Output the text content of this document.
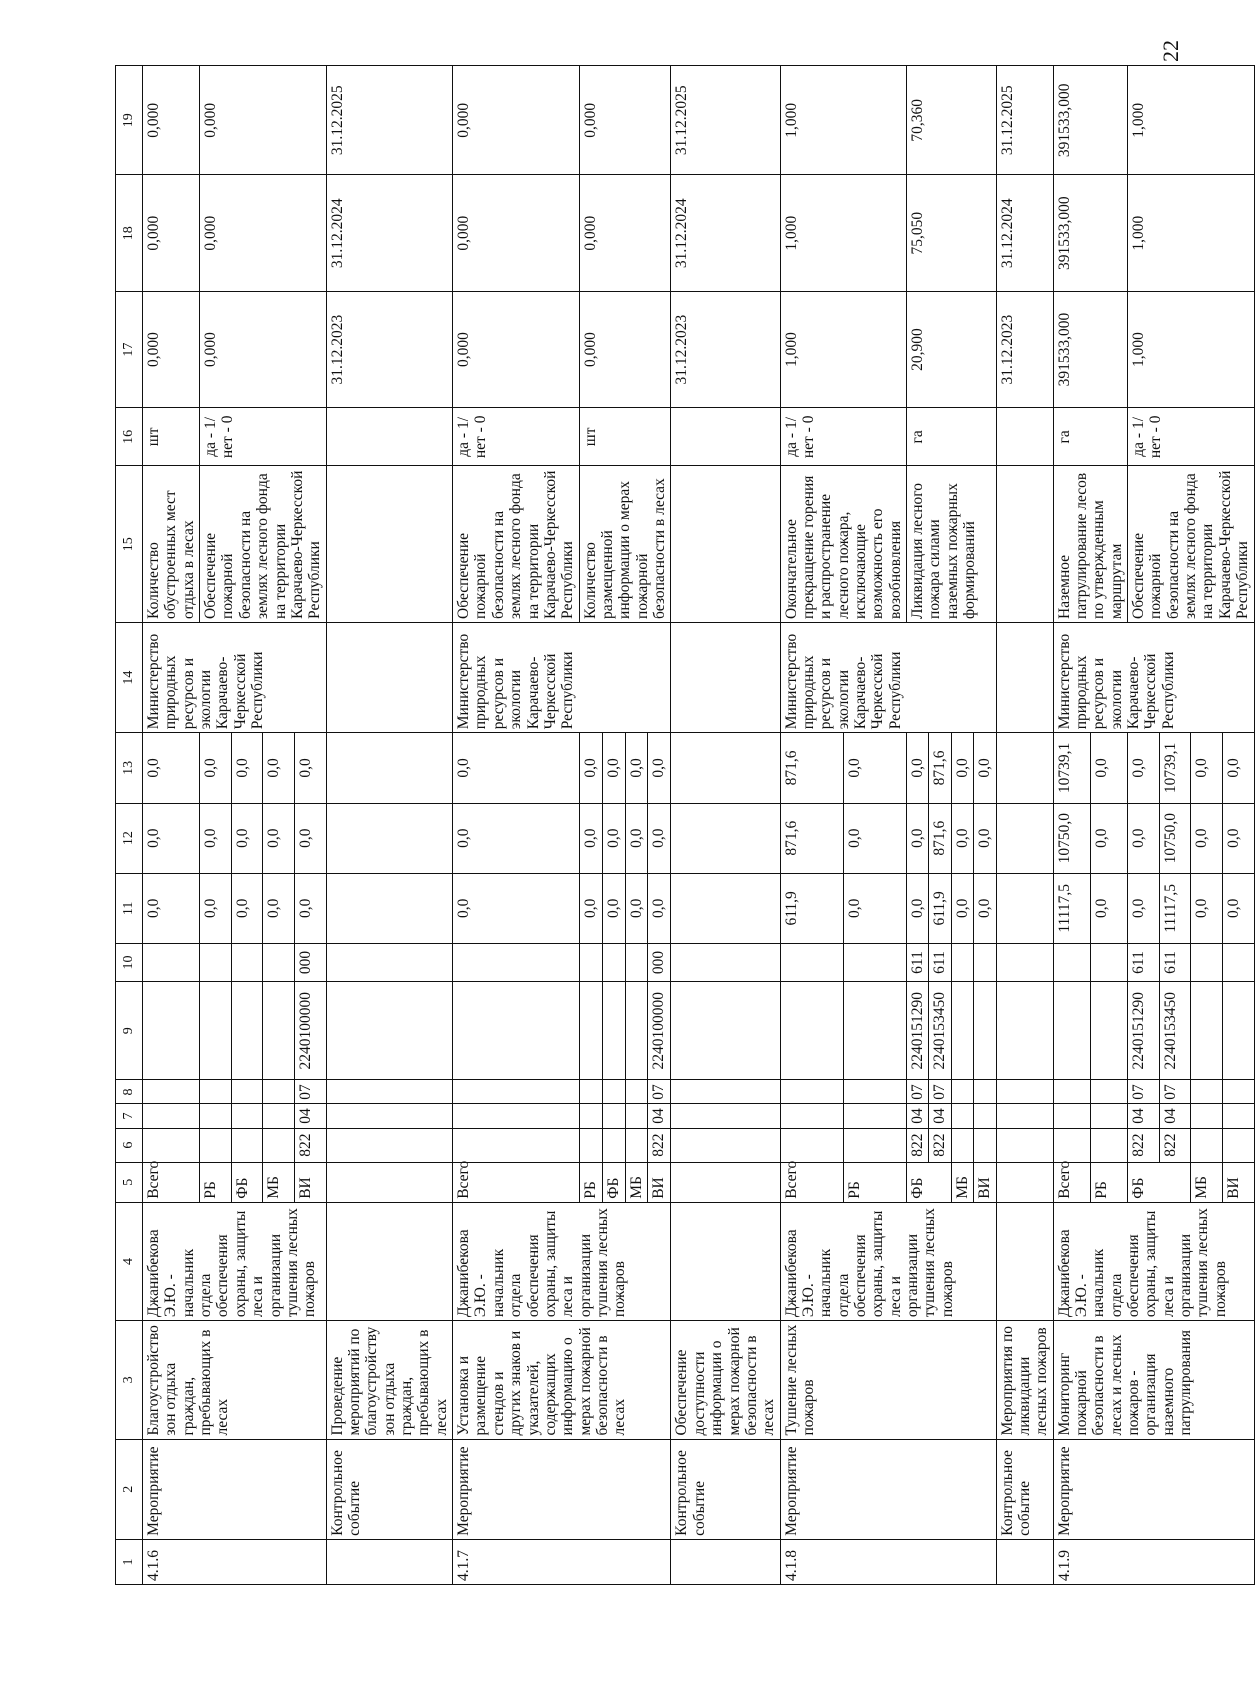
22
1	2	3	4	5	6	7	8	9	10	11	12	13	14	15	16	17	18	19
4.1.6	Мероприятие	Благоустройство зон отдыха граждан, пребывающих в лесах	Джанибекова Э.Ю. - начальник отдела обеспечения охраны, защиты леса и организации тушения лесных пожаров	Всего						0,0	0,0	0,0	Министерство природных ресурсов и экологии Карачаево-Черкесской Республики	Количество обустроенных мест отдыха в лесах	шт	0,000	0,000	0,000
				РБ						0,0	0,0	0,0		Обеспечение пожарной безопасности на землях лесного фонда на территории Карачаево-Черкесской Республики	да - 1/ нет - 0	0,000	0,000	0,000
				ФБ						0,0	0,0	0,0						
				МБ						0,0	0,0	0,0						
				ВИ	822	04	07	2240100000	000	0,0	0,0	0,0						
	Контрольное событие	Проведение мероприятий по благоустройству зон отдыха граждан, пребывающих в лесах														31.12.2023	31.12.2024	31.12.2025
4.1.7	Мероприятие	Установка и размещение стендов и других знаков и указателей, содержащих информацию о мерах пожарной безопасности в лесах	Джанибекова Э.Ю. - начальник отдела обеспечения охраны, защиты леса и организации тушения лесных пожаров	Всего						0,0	0,0	0,0	Министерство природных ресурсов и экологии Карачаево-Черкесской Республики	Обеспечение пожарной безопасности на землях лесного фонда на территории Карачаево-Черкесской Республики	да - 1/ нет - 0	0,000	0,000	0,000
				РБ						0,0	0,0	0,0		Количество размещенной информации о мерах пожарной безопасности в лесах	шт	0,000	0,000	0,000
				ФБ						0,0	0,0	0,0						
				МБ						0,0	0,0	0,0						
				ВИ	822	04	07	2240100000	000	0,0	0,0	0,0						
	Контрольное событие	Обеспечение доступности информации о мерах пожарной безопасности в лесах														31.12.2023	31.12.2024	31.12.2025
4.1.8	Мероприятие	Тушение лесных пожаров	Джанибекова Э.Ю. - начальник отдела обеспечения охраны, защиты леса и организации тушения лесных пожаров	Всего						611,9	871,6	871,6	Министерство природных ресурсов и экологии Карачаево-Черкесской Республики	Окончательное прекращение горения и распространение лесного пожара, исключающие возможность его возобновления	да - 1/ нет - 0	1,000	1,000	1,000
				РБ						0,0	0,0	0,0						
				ФБ	822	04	07	2240151290	611	0,0	0,0	0,0		Ликвидация лесного пожара силами наземных пожарных формирований	га	20,900	75,050	70,360
					822	04	07	2240153450	611	611,9	871,6	871,6						
				МБ						0,0	0,0	0,0						
				ВИ						0,0	0,0	0,0						
	Контрольное событие	Мероприятия по ликвидации лесных пожаров														31.12.2023	31.12.2024	31.12.2025
4.1.9	Мероприятие	Мониторинг пожарной безопасности в лесах и лесных пожаров - организация наземного патрулирования	Джанибекова Э.Ю. - начальник отдела обеспечения охраны, защиты леса и организации тушения лесных пожаров	Всего						11117,5	10750,0	10739,1	Министерство природных ресурсов и экологии Карачаево-Черкесской Республики	Наземное патрулирование лесов по утвержденным маршрутам	га	391533,000	391533,000	391533,000
				РБ						0,0	0,0	0,0						
				ФБ	822	04	07	2240151290	611	0,0	0,0	0,0		Обеспечение пожарной безопасности на землях лесного фонда на территории Карачаево-Черкесской Республики	да - 1/ нет - 0	1,000	1,000	1,000
					822	04	07	2240153450	611	11117,5	10750,0	10739,1						
				МБ						0,0	0,0	0,0						
				ВИ						0,0	0,0	0,0						
